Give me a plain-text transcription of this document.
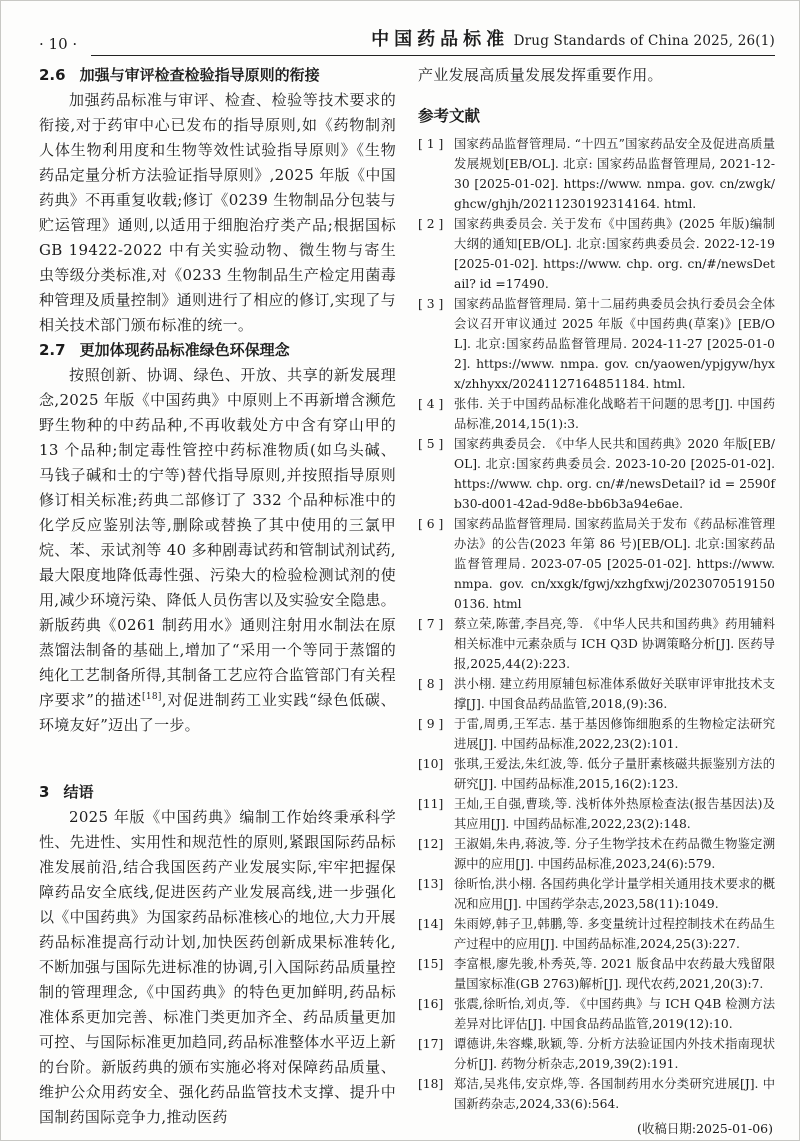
· 10 ·	中国药品标准 Drug Standards of China 2025, 26(1)
2.6 加强与审评检查检验指导原则的衔接

加强药品标准与审评、检查、检验等技术要求的衔接,对于药审中心已发布的指导原则,如《药物制剂人体生物利用度和生物等效性试验指导原则》《生物药品定量分析方法验证指导原则》,2025 年版《中国药典》不再重复收载;修订《0239 生物制品分包装与贮运管理》通则,以适用于细胞治疗类产品;根据国标 GB 19422-2022 中有关实验动物、微生物与寄生虫等级分类标准,对《0233 生物制品生产检定用菌毒种管理及质量控制》通则进行了相应的修订,实现了与相关技术部门颁布标准的统一。

2.7 更加体现药品标准绿色环保理念

按照创新、协调、绿色、开放、共享的新发展理念,2025 年版《中国药典》中原则上不再新增含濒危野生物种的中药品种,不再收载处方中含有穿山甲的 13 个品种;制定毒性管控中药标准物质(如乌头碱、马钱子碱和士的宁等)替代指导原则,并按照指导原则修订相关标准;药典二部修订了 332 个品种标准中的化学反应鉴别法等,删除或替换了其中使用的三氯甲烷、苯、汞试剂等 40 多种剧毒试药和管制试剂试药,最大限度地降低毒性强、污染大的检验检测试剂的使用,减少环境污染、降低人员伤害以及实验安全隐患。新版药典《0261 制药用水》通则注射用水制法在原蒸馏法制备的基础上,增加了“采用一个等同于蒸馏的纯化工艺制备所得,其制备工艺应符合监管部门有关程序要求”的描述[18],对促进制药工业实践“绿色低碳、环境友好”迈出了一步。

3 结语

2025 年版《中国药典》编制工作始终秉承科学性、先进性、实用性和规范性的原则,紧跟国际药品标准发展前沿,结合我国医药产业发展实际,牢牢把握保障药品安全底线,促进医药产业发展高线,进一步强化以《中国药典》为国家药品标准核心的地位,大力开展药品标准提高行动计划,加快医药创新成果标准转化,不断加强与国际先进标准的协调,引入国际药品质量控制的管理理念,《中国药典》的特色更加鲜明,药品标准体系更加完善、标准门类更加齐全、药品质量更加可控、与国际标准更加趋同,药品标准整体水平迈上新的台阶。新版药典的颁布实施必将对保障药品质量、维护公众用药安全、强化药品监管技术支撑、提升中国制药国际竞争力,推动医药

产业发展高质量发展发挥重要作用。

参考文献
[ 1 ] 国家药品监督管理局. “十四五”国家药品安全及促进高质量发展规划[EB/OL]. 北京: 国家药品监督管理局, 2021-12-30 [2025-01-02]. https://www. nmpa. gov. cn/zwgk/ghcw/ghjh/20211230192314164. html.
[ 2 ] 国家药典委员会. 关于发布《中国药典》(2025 年版)编制大纲的通知[EB/OL]. 北京:国家药典委员会. 2022-12-19[2025-01-02]. https://www. chp. org. cn/#/newsDetail? id =17490.
[ 3 ] 国家药品监督管理局. 第十二届药典委员会执行委员会全体会议召开审议通过 2025 年版《中国药典(草案)》[EB/OL]. 北京:国家药品监督管理局. 2024-11-27 [2025-01-02]. https://www. nmpa. gov. cn/yaowen/ypjgyw/hyxx/zhhyxx/20241127164851184. html.
[ 4 ] 张伟. 关于中国药品标准化战略若干问题的思考[J]. 中国药品标准,2014,15(1):3.
[ 5 ] 国家药典委员会. 《中华人民共和国药典》2020 年版[EB/OL]. 北京:国家药典委员会. 2023-10-20 [2025-01-02]. https://www. chp. org. cn/#/newsDetail? id = 2590fb30-d001-42ad-9d8e-bb6b3a94e6ae.
[ 6 ] 国家药品监督管理局. 国家药监局关于发布《药品标准管理办法》的公告(2023 年第 86 号)[EB/OL]. 北京:国家药品监督管理局. 2023-07-05 [2025-01-02]. https://www. nmpa. gov. cn/xxgk/fgwj/xzhgfxwj/20230705191500136. html
[ 7 ] 蔡立荣,陈蕾,李昌亮,等. 《中华人民共和国药典》药用辅料相关标准中元素杂质与 ICH Q3D 协调策略分析[J]. 医药导报,2025,44(2):223.
[ 8 ] 洪小栩. 建立药用原辅包标准体系做好关联审评审批技术支撑[J]. 中国食品药品监管,2018,(9):36.
[ 9 ] 于雷,周勇,王军志. 基于基因修饰细胞系的生物检定法研究进展[J]. 中国药品标准,2022,23(2):101.
[10] 张琪,王爱法,朱红波,等. 低分子量肝素核磁共振鉴别方法的研究[J]. 中国药品标准,2015,16(2):123.
[11] 王灿,王自强,曹琰,等. 浅析体外热原检查法(报告基因法)及其应用[J]. 中国药品标准,2022,23(2):148.
[12] 王淑娟,朱冉,蒋波,等. 分子生物学技术在药品微生物鉴定溯源中的应用[J]. 中国药品标准,2023,24(6):579.
[13] 徐昕怡,洪小栩. 各国药典化学计量学相关通用技术要求的概况和应用[J]. 中国药学杂志,2023,58(11):1049.
[14] 朱雨婷,韩子卫,韩鹏,等. 多变量统计过程控制技术在药品生产过程中的应用[J]. 中国药品标准,2024,25(3):227.
[15] 李富根,廖先骏,朴秀英,等. 2021 版食品中农药最大残留限量国家标准(GB 2763)解析[J]. 现代农药,2021,20(3):7.
[16] 张震,徐昕怡,刘贞,等. 《中国药典》与 ICH Q4B 检测方法差异对比评估[J]. 中国食品药品监管,2019(12):10.
[17] 谭德讲,朱容蝶,耿颖,等. 分析方法验证国内外技术指南现状分析[J]. 药物分析杂志,2019,39(2):191.
[18] 郑洁,吴兆伟,安京烨,等. 各国制药用水分类研究进展[J]. 中国新药杂志,2024,33(6):564.
(收稿日期:2025-01-06)
